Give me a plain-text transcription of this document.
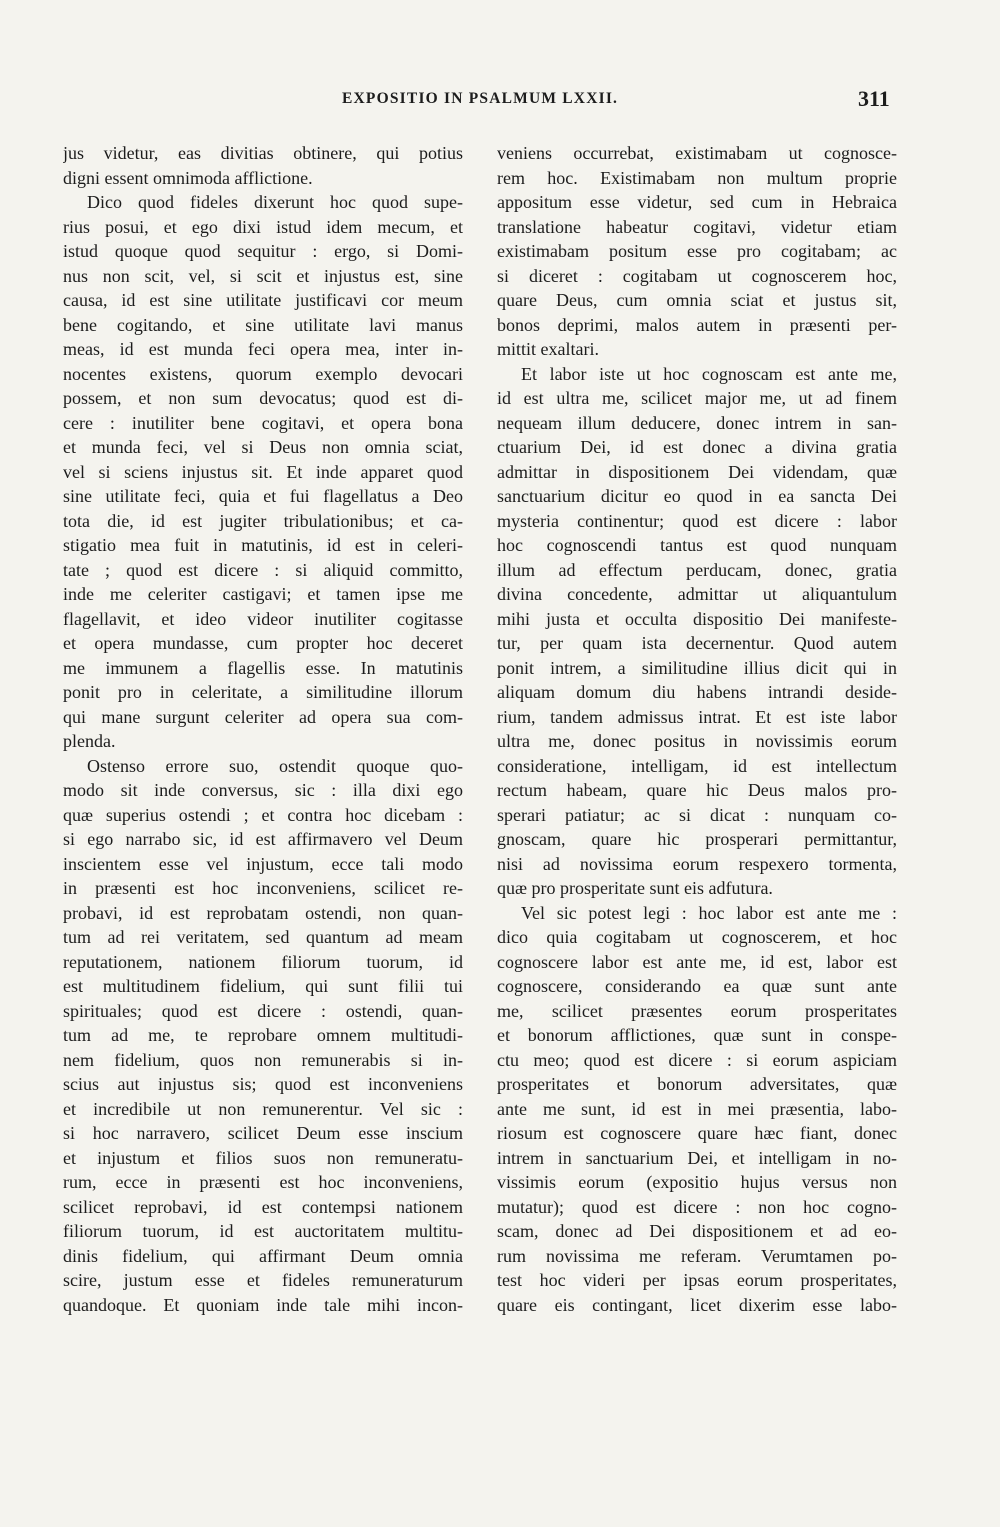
EXPOSITIO IN PSALMUM LXXII.	311
jus videtur, eas divitias obtinere, qui potius
digni essent omnimoda afflictione.
Dico quod fideles dixerunt hoc quod supe-
rius posui, et ego dixi istud idem mecum, et
istud quoque quod sequitur : ergo, si Domi-
nus non scit, vel, si scit et injustus est, sine
causa, id est sine utilitate justificavi cor meum
bene cogitando, et sine utilitate lavi manus
meas, id est munda feci opera mea, inter in-
nocentes existens, quorum exemplo devocari
possem, et non sum devocatus; quod est di-
cere : inutiliter bene cogitavi, et opera bona
et munda feci, vel si Deus non omnia sciat,
vel si sciens injustus sit. Et inde apparet quod
sine utilitate feci, quia et fui flagellatus a Deo
tota die, id est jugiter tribulationibus; et ca-
stigatio mea fuit in matutinis, id est in celeri-
tate ; quod est dicere : si aliquid committo,
inde me celeriter castigavi; et tamen ipse me
flagellavit, et ideo videor inutiliter cogitasse
et opera mundasse, cum propter hoc deceret
me immunem a flagellis esse. In matutinis
ponit pro in celeritate, a similitudine illorum
qui mane surgunt celeriter ad opera sua com-
plenda.
Ostenso errore suo, ostendit quoque quo-
modo sit inde conversus, sic : illa dixi ego
quæ superius ostendi ; et contra hoc dicebam :
si ego narrabo sic, id est affirmavero vel Deum
inscientem esse vel injustum, ecce tali modo
in præsenti est hoc inconveniens, scilicet re-
probavi, id est reprobatam ostendi, non quan-
tum ad rei veritatem, sed quantum ad meam
reputationem, nationem filiorum tuorum, id
est multitudinem fidelium, qui sunt filii tui
spirituales; quod est dicere : ostendi, quan-
tum ad me, te reprobare omnem multitudi-
nem fidelium, quos non remunerabis si in-
scius aut injustus sis; quod est inconveniens
et incredibile ut non remunerentur. Vel sic :
si hoc narravero, scilicet Deum esse inscium
et injustum et filios suos non remuneratu-
rum, ecce in præsenti est hoc inconveniens,
scilicet reprobavi, id est contempsi nationem
filiorum tuorum, id est auctoritatem multitu-
dinis fidelium, qui affirmant Deum omnia
scire, justum esse et fideles remuneraturum
quandoque. Et quoniam inde tale mihi incon-
veniens occurrebat, existimabam ut cognosce-
rem hoc. Existimabam non multum proprie
appositum esse videtur, sed cum in Hebraica
translatione habeatur cogitavi, videtur etiam
existimabam positum esse pro cogitabam; ac
si diceret : cogitabam ut cognoscerem hoc,
quare Deus, cum omnia sciat et justus sit,
bonos deprimi, malos autem in præsenti per-
mittit exaltari.
Et labor iste ut hoc cognoscam est ante me,
id est ultra me, scilicet major me, ut ad finem
nequeam illum deducere, donec intrem in san-
ctuarium Dei, id est donec a divina gratia
admittar in dispositionem Dei videndam, quæ
sanctuarium dicitur eo quod in ea sancta Dei
mysteria continentur; quod est dicere : labor
hoc cognoscendi tantus est quod nunquam
illum ad effectum perducam, donec, gratia
divina concedente, admittar ut aliquantulum
mihi justa et occulta dispositio Dei manifeste-
tur, per quam ista decernentur. Quod autem
ponit intrem, a similitudine illius dicit qui in
aliquam domum diu habens intrandi deside-
rium, tandem admissus intrat. Et est iste labor
ultra me, donec positus in novissimis eorum
consideratione, intelligam, id est intellectum
rectum habeam, quare hic Deus malos pro-
sperari patiatur; ac si dicat : nunquam co-
gnoscam, quare hic prosperari permittantur,
nisi ad novissima eorum respexero tormenta,
quæ pro prosperitate sunt eis adfutura.
Vel sic potest legi : hoc labor est ante me :
dico quia cogitabam ut cognoscerem, et hoc
cognoscere labor est ante me, id est, labor est
cognoscere, considerando ea quæ sunt ante
me, scilicet præsentes eorum prosperitates
et bonorum afflictiones, quæ sunt in conspe-
ctu meo; quod est dicere : si eorum aspiciam
prosperitates et bonorum adversitates, quæ
ante me sunt, id est in mei præsentia, labo-
riosum est cognoscere quare hæc fiant, donec
intrem in sanctuarium Dei, et intelligam in no-
vissimis eorum (expositio hujus versus non
mutatur); quod est dicere : non hoc cogno-
scam, donec ad Dei dispositionem et ad eo-
rum novissima me referam. Verumtamen po-
test hoc videri per ipsas eorum prosperitates,
quare eis contingant, licet dixerim esse labo-
